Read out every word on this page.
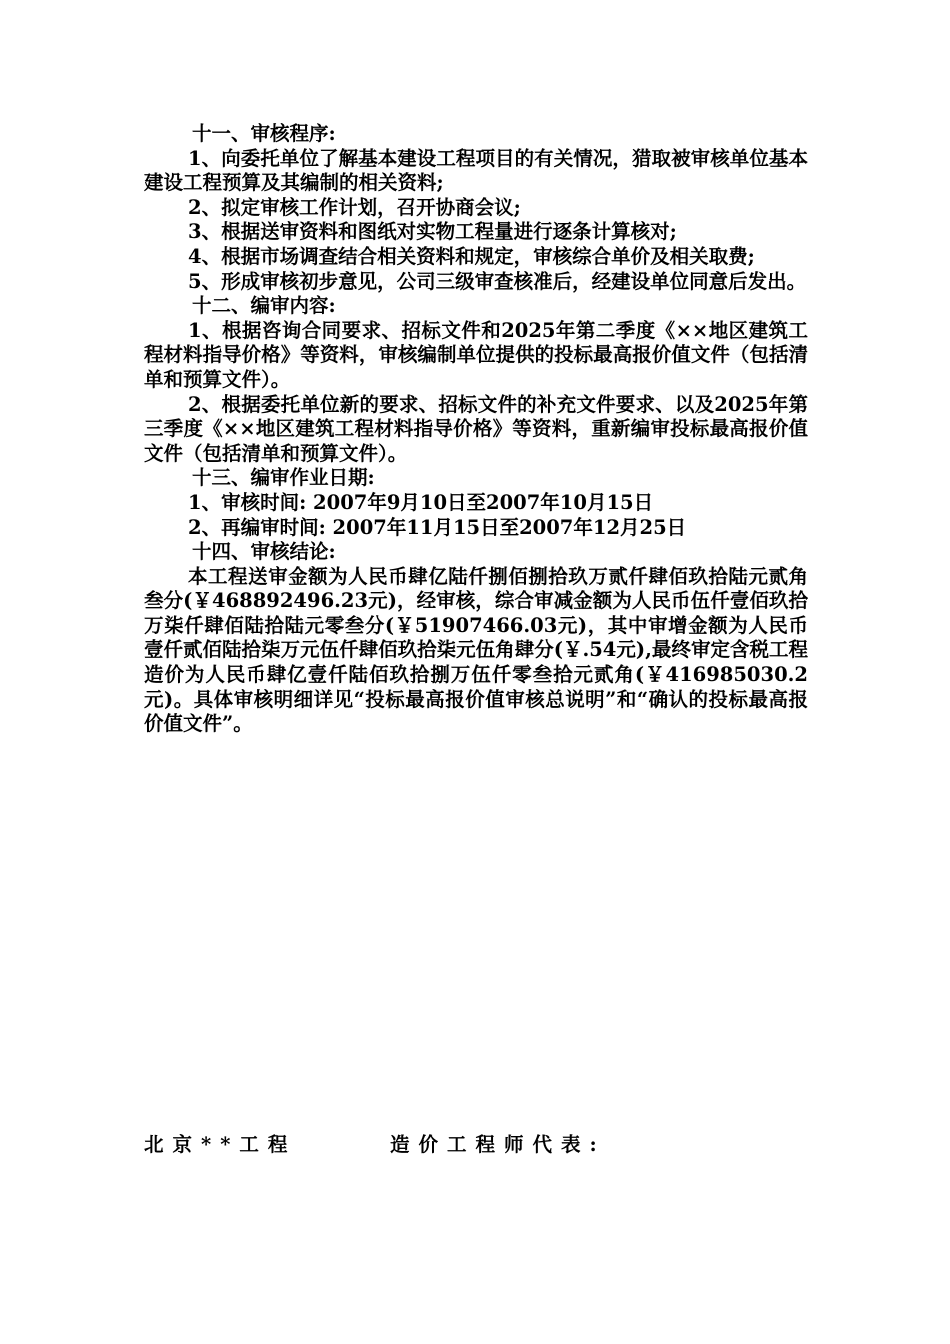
十一、审核程序:

1、向委托单位了解基本建设工程项目的有关情况，猎取被审核单位基本建设工程预算及其编制的相关资料;

2、拟定审核工作计划，召开协商会议;

3、根据送审资料和图纸对实物工程量进行逐条计算核对;

4、根据市场调查结合相关资料和规定，审核综合单价及相关取费;

5、形成审核初步意见，公司三级审查核准后，经建设单位同意后发出。

十二、编审内容:

1、根据咨询合同要求、招标文件和2025年第二季度《××地区建筑工程材料指导价格》等资料，审核编制单位提供的投标最高报价值文件（包括清单和预算文件）。

2、根据委托单位新的要求、招标文件的补充文件要求、以及2025年第三季度《××地区建筑工程材料指导价格》等资料，重新编审投标最高报价值文件（包括清单和预算文件）。

十三、编审作业日期:

1、审核时间: 2007年9月10日至2007年10月15日

2、再编审时间: 2007年11月15日至2007年12月25日

十四、审核结论:

本工程送审金额为人民币肆亿陆仟捌佰捌拾玖万贰仟肆佰玖拾陆元贰角叁分(￥468892496.23元)，经审核，综合审减金额为人民币伍仟壹佰玖拾万柒仟肆佰陆拾陆元零叁分(￥51907466.03元)，其中审增金额为人民币壹仟贰佰陆拾柒万元伍仟肆佰玖拾柒元伍角肆分(￥.54元),最终审定含税工程造价为人民币肆亿壹仟陆佰玖拾捌万伍仟零叁拾元贰角(￥416985030.2元)。具体审核明细详见“投标最高报价值审核总说明”和“确认的投标最高报价值文件”。

北京**工程	造价工程师代表:
